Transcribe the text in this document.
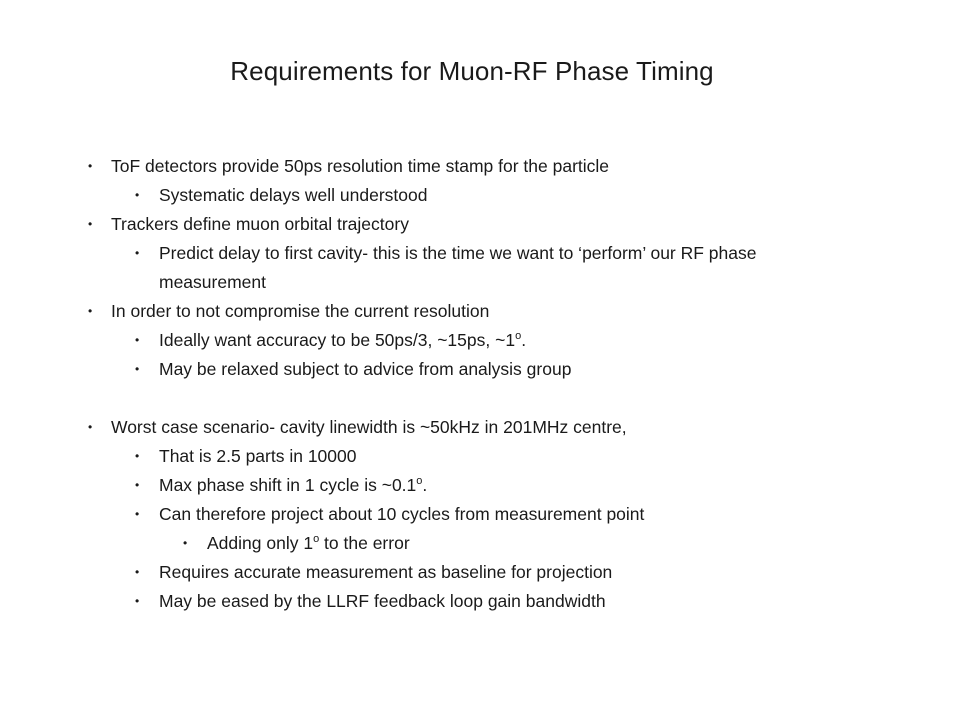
Requirements for Muon-RF Phase Timing
• ToF detectors provide 50ps resolution time stamp for the particle
• Systematic delays well understood
• Trackers define muon orbital trajectory
• Predict delay to first cavity- this is the time we want to ‘perform’ our RF phase measurement
• In order to not compromise the current resolution
• Ideally want accuracy to be 50ps/3, ~15ps, ~1$^o$.
• May be relaxed subject to advice from analysis group
• Worst case scenario- cavity linewidth is ~50kHz in 201MHz centre,
• That is 2.5 parts in 10000
• Max phase shift in 1 cycle is ~0.1$^o$.
• Can therefore project about 10 cycles from measurement point
• Adding only 1$^o$ to the error
• Requires accurate measurement as baseline for projection
• May be eased by the LLRF feedback loop gain bandwidth
